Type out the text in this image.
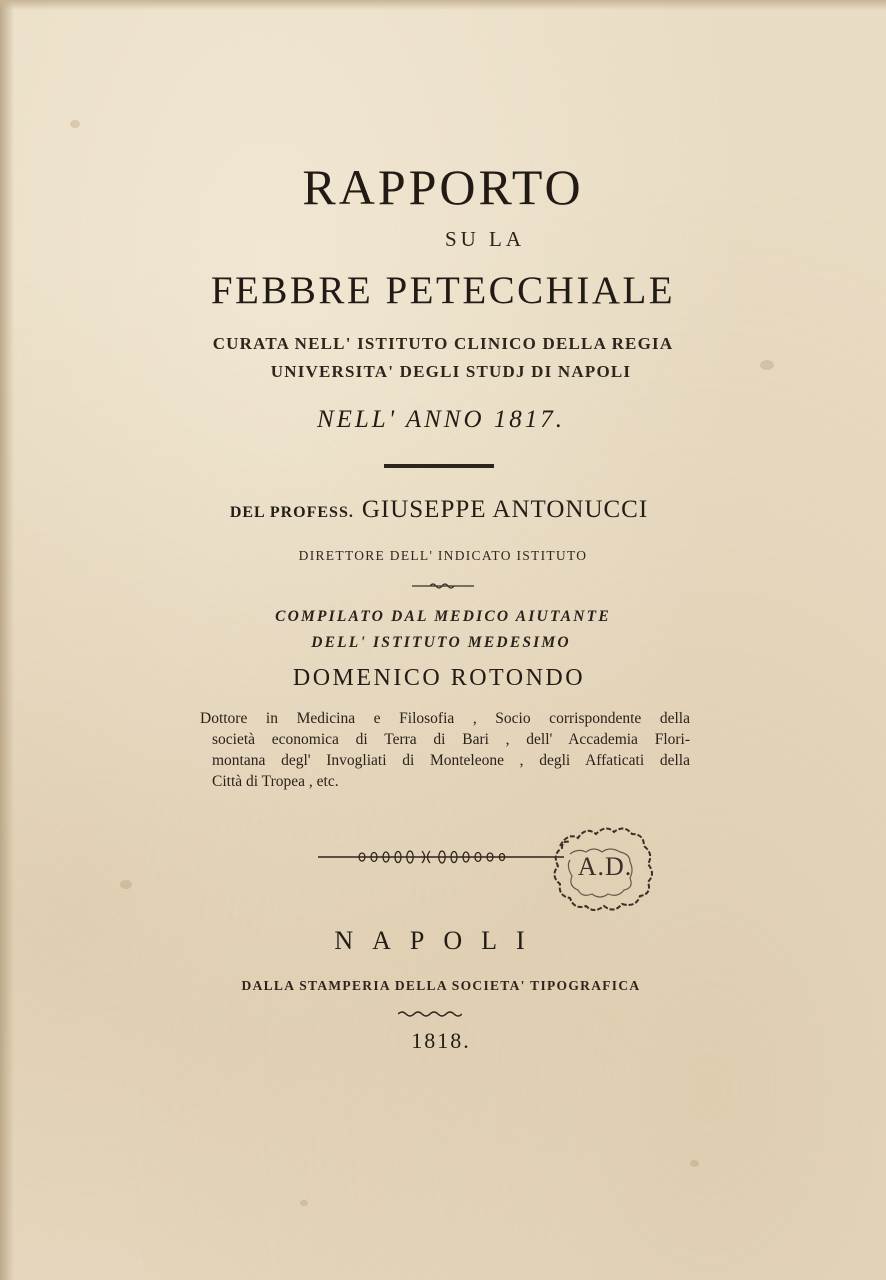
RAPPORTO
SU LA
FEBBRE PETECCHIALE
CURATA NELL' ISTITUTO CLINICO DELLA REGIA
UNIVERSITA' DEGLI STUDJ DI NAPOLI
NELL' ANNO 1817.
DEL PROFESS. GIUSEPPE ANTONUCCI
DIRETTORE DELL' INDICATO ISTITUTO
COMPILATO DAL MEDICO AIUTANTE
DELL' ISTITUTO MEDESIMO
DOMENICO ROTONDO

Dottore in Medicina e Filosofia , Socio corrispondente della

società economica di Terra di Bari , dell' Accademia Flori-

montana degl' Invogliati di Monteleone , degli Affaticati della

Città di Tropea , etc.

A.D.
NAPOLI
DALLA STAMPERIA DELLA SOCIETA' TIPOGRAFICA
1818.
